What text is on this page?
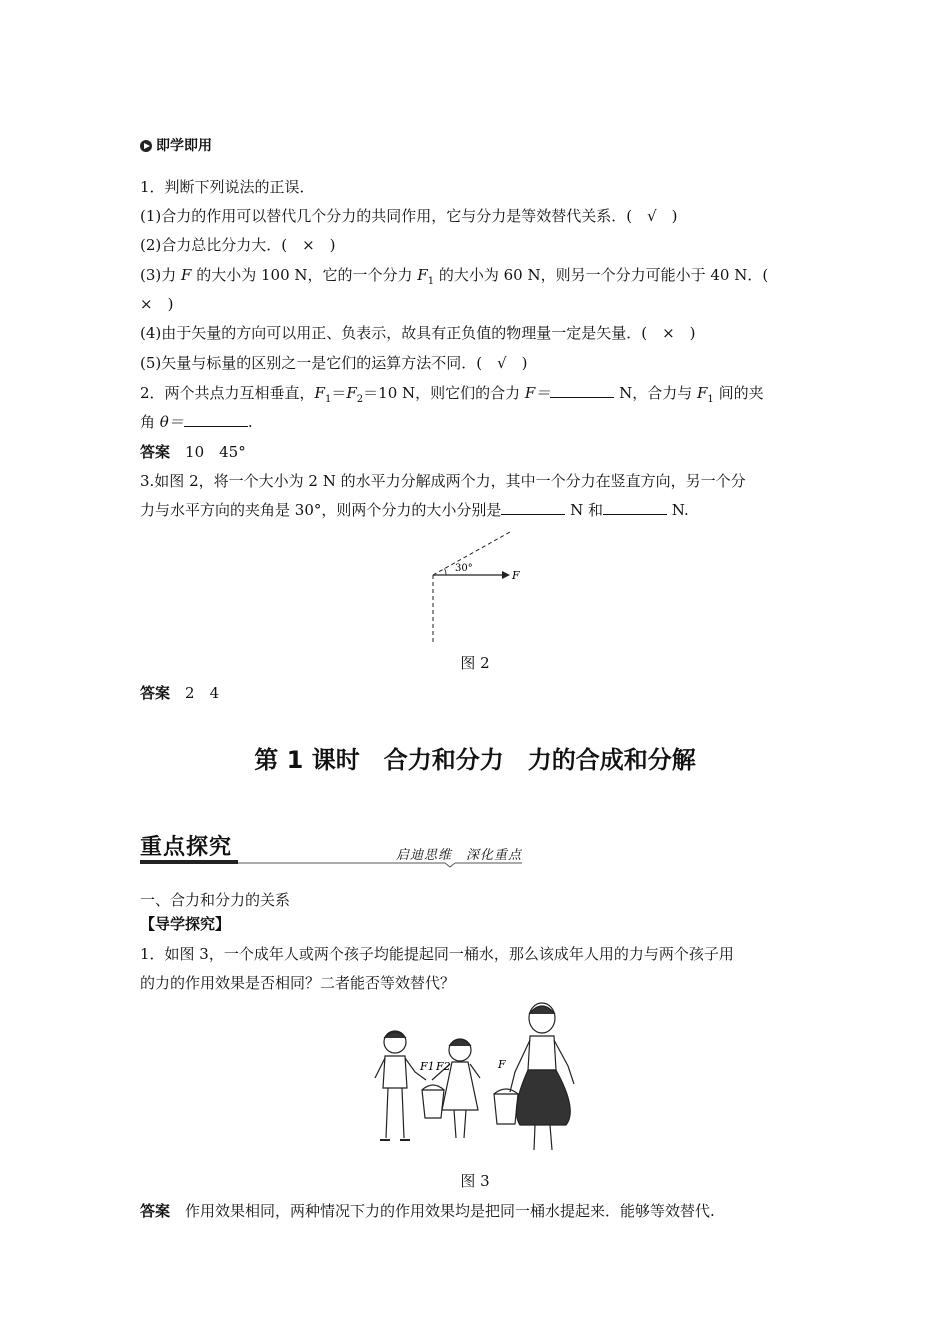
即学即用
1．判断下列说法的正误．
(1)合力的作用可以替代几个分力的共同作用，它与分力是等效替代关系．(　√　)
(2)合力总比分力大．(　×　)
(3)力 F 的大小为 100 N，它的一个分力 $F_1$ 的大小为 60 N，则另一个分力可能小于 40 N．(
×　)
(4)由于矢量的方向可以用正、负表示，故具有正负值的物理量一定是矢量．(　×　)
(5)矢量与标量的区别之一是它们的运算方法不同．(　√　)
2．两个共点力互相垂直，$F_1=F_2=10$ N，则它们的合力 F＝	N，合力与 $F_1$ 间的夹
角 θ＝	.
答案　 10　45°
3.如图 2，将一个大小为 2 N 的水平力分解成两个力，其中一个分力在竖直方向，另一个分
力与水平方向的夹角是 30°，则两个分力的大小分别是	N 和	N.
30°
F
图 2
答案　 2　4
第 1 课时　合力和分力　力的合成和分解
重点探究	启迪思维　深化重点
一、合力和分力的关系
【导学探究】
1．如图 3，一个成年人或两个孩子均能提起同一桶水，那么该成年人用的力与两个孩子用
的力的作用效果是否相同？二者能否等效替代？
F1 F2	F
图 3
答案　 作用效果相同，两种情况下力的作用效果均是把同一桶水提起来．能够等效替代.
